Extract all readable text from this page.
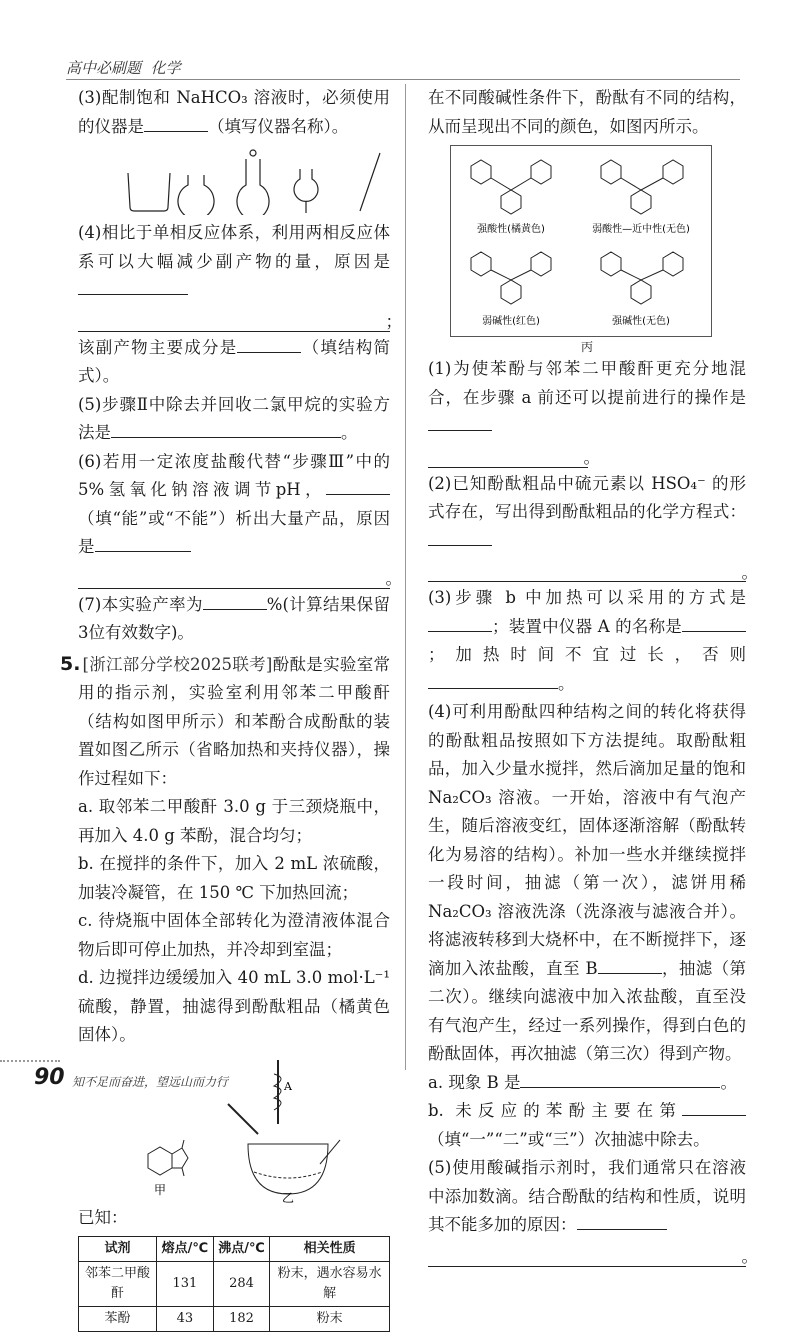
高中必刷题 化学

(3)配制饱和 NaHCO₃ 溶液时，必须使用的仪器是	（填写仪器名称）。

(4)相比于单相反应体系，利用两相反应体系可以大幅减少副产物的量，原因是

；

该副产物主要成分是	（填结构简式）。

(5)步骤Ⅱ中除去并回收二氯甲烷的实验方法是	。

(6)若用一定浓度盐酸代替“步骤Ⅲ”中的5%氢氧化钠溶液调节pH，（填“能”或“不能”）析出大量产品，原因是

。

(7)本实验产率为	%(计算结果保留3位有效数字)。

5. [浙江部分学校2025联考]酚酞是实验室常用的指示剂，实验室利用邻苯二甲酸酐（结构如图甲所示）和苯酚合成酚酞的装置如图乙所示（省略加热和夹持仪器），操作过程如下：

a. 取邻苯二甲酸酐 3.0 g 于三颈烧瓶中，再加入 4.0 g 苯酚，混合均匀；

b. 在搅拌的条件下，加入 2 mL 浓硫酸，加装冷凝管，在 150 ℃ 下加热回流；

c. 待烧瓶中固体全部转化为澄清液体混合物后即可停止加热，并冷却到室温；

d. 边搅拌边缓缓加入 40 mL 3.0 mol·L⁻¹ 硫酸，静置，抽滤得到酚酞粗品（橘黄色固体）。

甲
乙
A

已知：

试剂	熔点/℃	沸点/℃	相关性质
邻苯二甲酸酐	131	284	粉末，遇水容易水解
苯酚	43	182	粉末

在不同酸碱性条件下，酚酞有不同的结构，从而呈现出不同的颜色，如图丙所示。

强酸性(橘黄色)	弱酸性—近中性(无色)
弱碱性(红色)	强碱性(无色)
丙

(1)为使苯酚与邻苯二甲酸酐更充分地混合，在步骤 a 前还可以提前进行的操作是

。

(2)已知酚酞粗品中硫元素以 HSO₄⁻ 的形式存在，写出得到酚酞粗品的化学方程式：

。

(3)步骤 b 中加热可以采用的方式是；装置中仪器 A 的名称是；加热时间不宜过长，否则。

(4)可利用酚酞四种结构之间的转化将获得的酚酞粗品按照如下方法提纯。取酚酞粗品，加入少量水搅拌，然后滴加足量的饱和 Na₂CO₃ 溶液。一开始，溶液中有气泡产生，随后溶液变红，固体逐渐溶解（酚酞转化为易溶的结构）。补加一些水并继续搅拌一段时间，抽滤（第一次），滤饼用稀 Na₂CO₃ 溶液洗涤（洗涤液与滤液合并）。将滤液转移到大烧杯中，在不断搅拌下，逐滴加入浓盐酸，直至 B	，抽滤（第二次）。继续向滤液中加入浓盐酸，直至没有气泡产生，经过一系列操作，得到白色的酚酞固体，再次抽滤（第三次）得到产物。

a. 现象 B 是	。

b. 未反应的苯酚主要在第（填“一”“二”或“三”）次抽滤中除去。

(5)使用酸碱指示剂时，我们通常只在溶液中添加数滴。结合酚酞的结构和性质，说明其不能多加的原因：

。
90 知不足而奋进，望远山而力行
